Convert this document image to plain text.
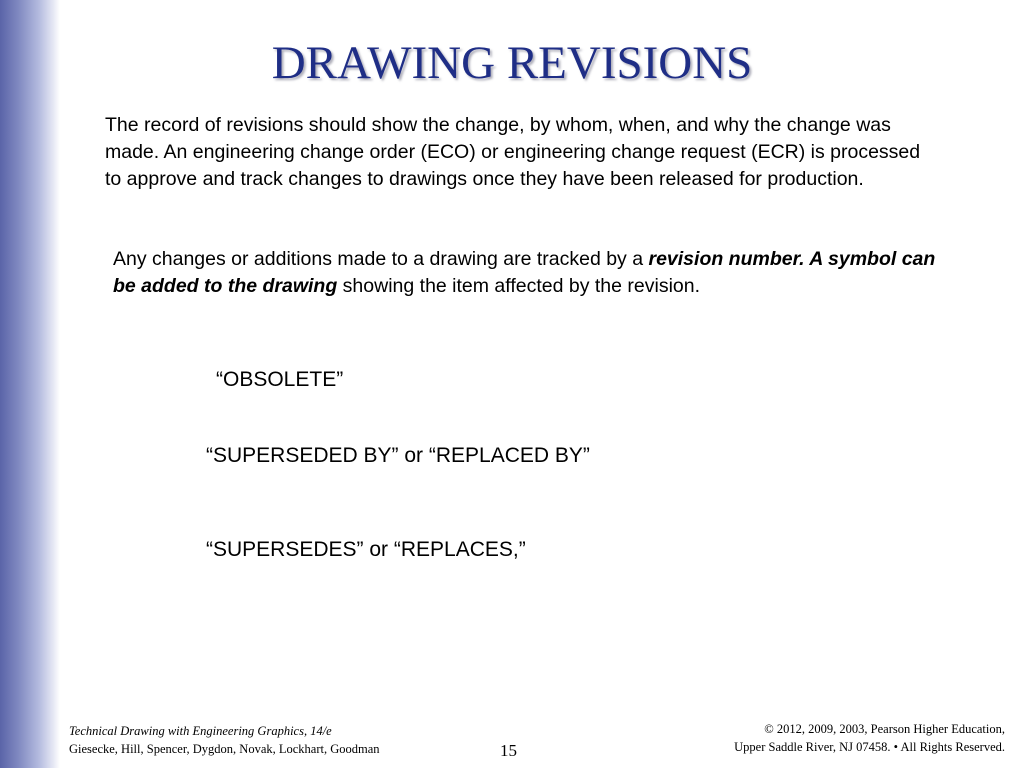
DRAWING REVISIONS

The record of revisions should show the change, by whom, when, and why the change was made. An engineering change order (ECO) or engineering change request (ECR) is processed to approve and track changes to drawings once they have been released for production.

Any changes or additions made to a drawing are tracked by a revision number. A symbol can be added to the drawing showing the item affected by the revision.

“OBSOLETE”
“SUPERSEDED BY” or “REPLACED BY”
“SUPERSEDES” or “REPLACES,”
Technical Drawing with Engineering Graphics, 14/e
Giesecke, Hill, Spencer, Dygdon, Novak, Lockhart, Goodman	15
© 2012, 2009, 2003, Pearson Higher Education,
Upper Saddle River, NJ 07458. • All Rights Reserved.
